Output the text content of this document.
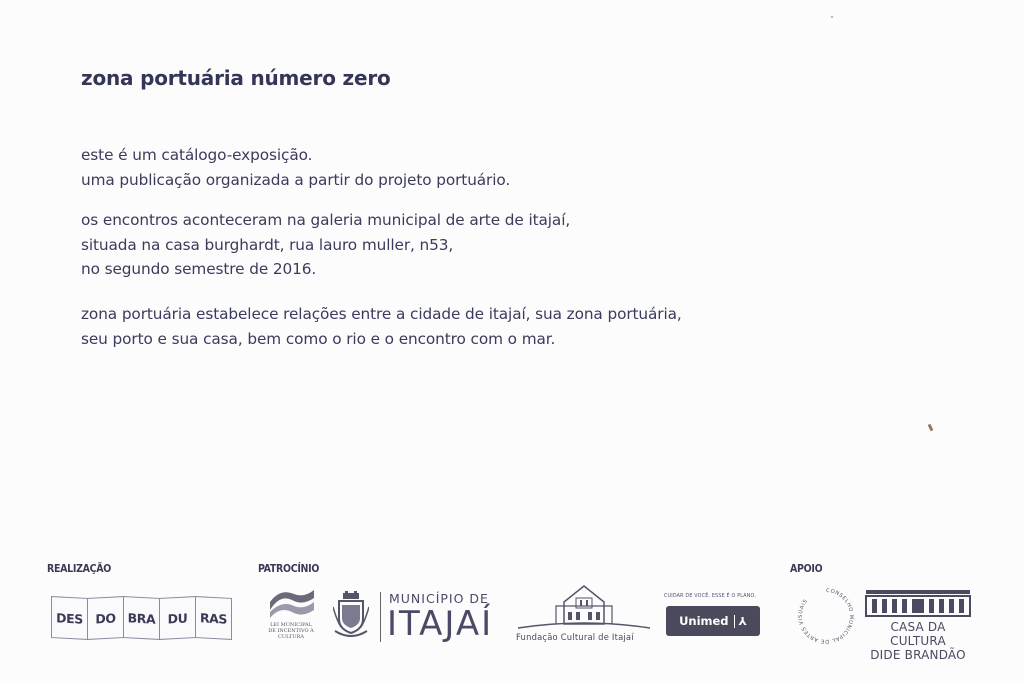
zona portuária número zero
este é um catálogo-exposição.
uma publicação organizada a partir do projeto portuário.
os encontros aconteceram na galeria municipal de arte de itajaí,
situada na casa burghardt, rua lauro muller, n53,
no segundo semestre de 2016.
zona portuária estabelece relações entre a cidade de itajaí, sua zona portuária,
seu porto e sua casa, bem como o rio e o encontro com o mar.
REALIZAÇÃO	PATROCÍNIO	APOIO
DES	DO BRA DU	RAS	LEI MUNICIPAL DE INCENTIVO À CULTURA
MUNICÍPIO DE
ITAJAÍ	Fundação Cultural de Itajaí
CUIDAR DE VOCÊ. ESSE É O PLANO.
Unimed ⅄
CONSELHO MUNICIPAL DE ARTES VISUAIS
CASA DA CULTURA
DIDE BRANDÃO
